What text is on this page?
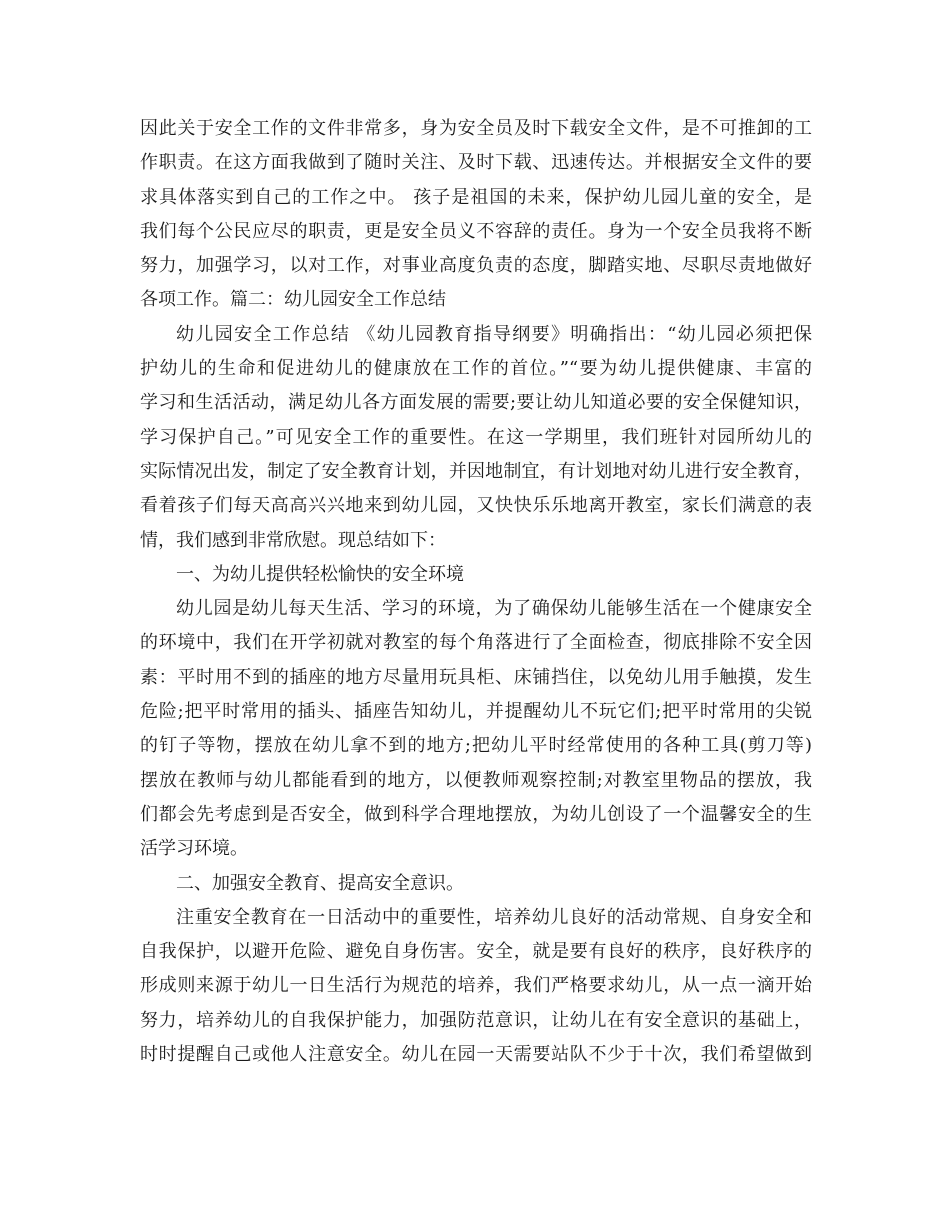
因此关于安全工作的文件非常多，身为安全员及时下载安全文件，是不可推卸的工
作职责。在这方面我做到了随时关注、及时下载、迅速传达。并根据安全文件的要
求具体落实到自己的工作之中。 孩子是祖国的未来，保护幼儿园儿童的安全，是
我们每个公民应尽的职责，更是安全员义不容辞的责任。身为一个安全员我将不断
努力，加强学习，以对工作，对事业高度负责的态度，脚踏实地、尽职尽责地做好
各项工作。篇二：幼儿园安全工作总结
幼儿园安全工作总结 《幼儿园教育指导纲要》明确指出：“幼儿园必须把保
护幼儿的生命和促进幼儿的健康放在工作的首位。”“要为幼儿提供健康、丰富的
学习和生活活动，满足幼儿各方面发展的需要;要让幼儿知道必要的安全保健知识，
学习保护自己。”可见安全工作的重要性。在这一学期里，我们班针对园所幼儿的
实际情况出发，制定了安全教育计划，并因地制宜，有计划地对幼儿进行安全教育，
看着孩子们每天高高兴兴地来到幼儿园，又快快乐乐地离开教室，家长们满意的表
情，我们感到非常欣慰。现总结如下：
一、为幼儿提供轻松愉快的安全环境
幼儿园是幼儿每天生活、学习的环境，为了确保幼儿能够生活在一个健康安全
的环境中，我们在开学初就对教室的每个角落进行了全面检查，彻底排除不安全因
素：平时用不到的插座的地方尽量用玩具柜、床铺挡住，以免幼儿用手触摸，发生
危险;把平时常用的插头、插座告知幼儿，并提醒幼儿不玩它们;把平时常用的尖锐
的钉子等物，摆放在幼儿拿不到的地方;把幼儿平时经常使用的各种工具(剪刀等)
摆放在教师与幼儿都能看到的地方，以便教师观察控制;对教室里物品的摆放，我
们都会先考虑到是否安全，做到科学合理地摆放，为幼儿创设了一个温馨安全的生
活学习环境。
二、加强安全教育、提高安全意识。
注重安全教育在一日活动中的重要性，培养幼儿良好的活动常规、自身安全和
自我保护，以避开危险、避免自身伤害。安全，就是要有良好的秩序，良好秩序的
形成则来源于幼儿一日生活行为规范的培养，我们严格要求幼儿，从一点一滴开始
努力，培养幼儿的自我保护能力，加强防范意识，让幼儿在有安全意识的基础上，
时时提醒自己或他人注意安全。幼儿在园一天需要站队不少于十次，我们希望做到
